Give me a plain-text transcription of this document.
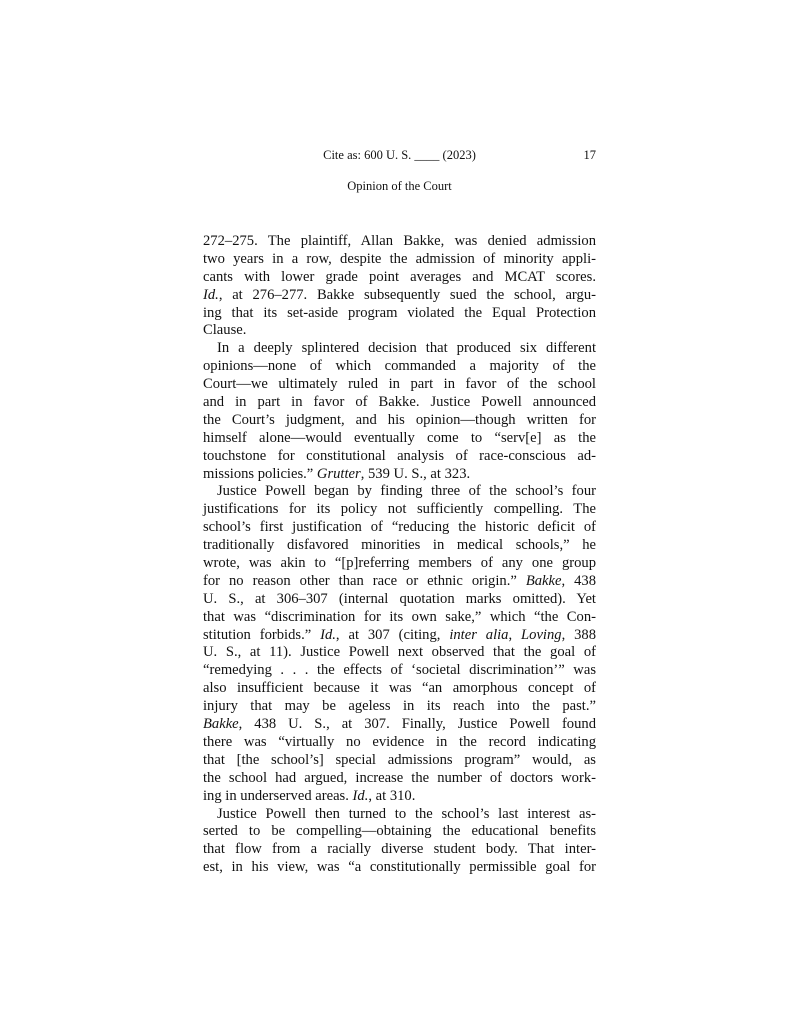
Cite as: 600 U. S. ____ (2023)	17
Opinion of the Court
272–275. The plaintiff, Allan Bakke, was denied admission
two years in a row, despite the admission of minority appli-
cants with lower grade point averages and MCAT scores.
Id., at 276–277. Bakke subsequently sued the school, argu-
ing that its set-aside program violated the Equal Protection
Clause.
In a deeply splintered decision that produced six different
opinions—none of which commanded a majority of the
Court—we ultimately ruled in part in favor of the school
and in part in favor of Bakke. Justice Powell announced
the Court’s judgment, and his opinion—though written for
himself alone—would eventually come to “serv[e] as the
touchstone for constitutional analysis of race-conscious ad-
missions policies.” Grutter, 539 U. S., at 323.
Justice Powell began by finding three of the school’s four
justifications for its policy not sufficiently compelling. The
school’s first justification of “reducing the historic deficit of
traditionally disfavored minorities in medical schools,” he
wrote, was akin to “[p]referring members of any one group
for no reason other than race or ethnic origin.” Bakke, 438
U. S., at 306–307 (internal quotation marks omitted). Yet
that was “discrimination for its own sake,” which “the Con-
stitution forbids.” Id., at 307 (citing, inter alia, Loving, 388
U. S., at 11). Justice Powell next observed that the goal of
“remedying . . . the effects of ‘societal discrimination’” was
also insufficient because it was “an amorphous concept of
injury that may be ageless in its reach into the past.”
Bakke, 438 U. S., at 307. Finally, Justice Powell found
there was “virtually no evidence in the record indicating
that [the school’s] special admissions program” would, as
the school had argued, increase the number of doctors work-
ing in underserved areas. Id., at 310.
Justice Powell then turned to the school’s last interest as-
serted to be compelling—obtaining the educational benefits
that flow from a racially diverse student body. That inter-
est, in his view, was “a constitutionally permissible goal for
